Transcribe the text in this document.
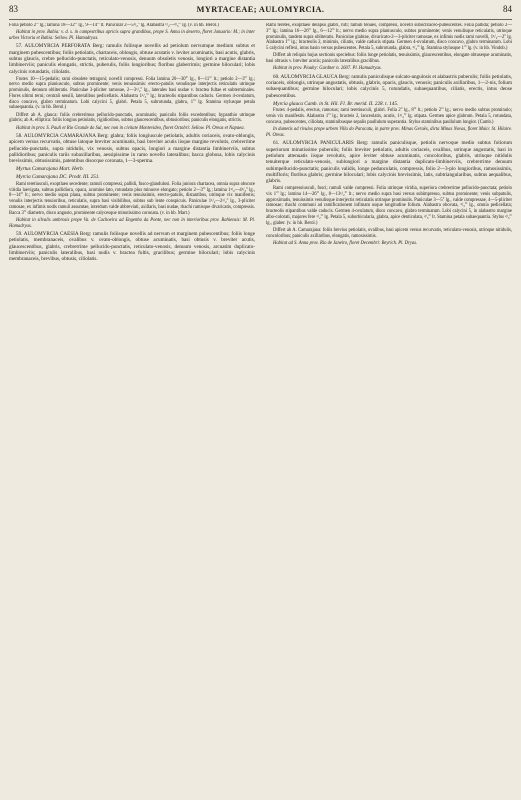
83	MYRTACEAE; AULOMYRCIA.	84

Folia petiolo 2''' lg.; lamina 18—32''' lg., 9—14''' lt. Panicular 2—5¹/₂'' lg. Alabastra ¹/₂—²/₃''' lg. (v. in hb. Berol.)

Habitat in prov. Bahia: v. d. s. in campestribus apricis supra grandibus, prope S. Anna in deserto, floret Januario: M.; in inter urbes Victoria et Bahia: Sellow. Pl. Hamadryas.

57. AULOMYRCIA PERFORATA Berg: ramulis foliisque novellis ad petiolum nervumque medium subtus et marginem pubescentibus; foliis petiolatis, chartaceis, oblongis, obtuse acutatis v. leviter acuminatis, basi acutis, glabris, subtus glaucis, crebre pellucido-punctatis, reticulato-venosis, denuum obsoletis venosis, longiori a margine distantia limbinerviis; paniculis elongatis, strictis, puberulis, foliis longioribus; floribus glaberrimis; germine biloculari; lobis calycinis rotundatis, ciliolatis.

Frutex 10—15-pedalis; rami obsolete tetragoni; novelli compressi. Folia lamina 20—30''' lg., 8—11''' lt.; petiolo 2—3''' lg.; nervo medio supra planiusculo, subtus prominente; venis tenuissimis: erecto-patulis venulisque interjectis reticulatis utrinque prominulis, dennum obliteratis. Paniculae 3-pliciter ramosae, 2—3¹/₂'' lg., laterales basi nudae v. bractea fultae et subterminales. Flores ultimi terni; centrali sessili, lateralibus pedicellatis. Alabastra 1¹/₂''' lg.; bracteolis stipantibus caducis. Germen 4-ovulatum, disco concavo, glabro terminatum. Lobi calycini 5, glabri. Petala 5, subrotunda, glabra, 1''' lg. Stamina stylusque petala subaequantia. (v. in hb. Berol.)

Differt ab A. glauca: foliis crebrerimus pellucido-punctatis, acuminatis; paniculis foliis excedentibus; hypanthio utrinque glabris; ab A. elliptica: foliis longius petiolatis, rigidioribus, subtus glaucescentibus, obtusioribus; paniculis elongatis, strictis.

Habitat in prov. S. Pauli et Rio Grande do Sul, nec non in civitate Montevideo, floret Octobri: Sellow. Pl. Oreas et Napaea.

58. AULOMYRCIA CAMARAJANA Berg: glabra; foliis longiuscule petiolatis, adultis coriaceis, ovato-oblongis, apicem versus recurvatis, obtuse latoque breviter acuminatis, basi breviter acutis iisque margine revolutis, crebrerrime pellucido-punctatis, supra nitidulis, vix venosis, subtus opacis, longiori a margine distantia limbinerviis, subtus pallidioribus; paniculis rariis subaxillaribus, aessipissime in ramo novello lateralibus; bacca globosa, lobis calycinis brevissimis, obtusissimis, patentibus disocque coronata, 1—3-sperma.

Myrtus Camarajana Mart. Herb.

Myrcia Camarajana DC. Prodr. III. 251.

Rami teretiusculi, exoptlaeo secedente; ramuli compressi, pallidi, fusco-glandulosi. Folia juniora chartacea, omnia supra obscure viridia laevigata, subtus pallidiora, opaca, acumine lato, rotundato plus minusve elongato; petiolo 2—3''' lg.; lamina 1¹/₂—4¹/₃'' lg., 8—14''' lt.; nervo medio supra plana, subtus prominente; venis tenuissimis, erecto-patulis, distantibus, utrinque vix manifestis; venulis interjectis tenuioribus, reticulatis, supra basi visibilibus, subtus sub lente conspicuis. Paniculae 1¹/₂—2¹/₂'' lg., 3-pliciter ramosae, ex infimis nodis ramuli assumtae, interdum valde abbreviati, axillaris, basi nudae, rhachi ramisque divaricatis, compressis. Bacca 3''' diametro, disco angusto, prominente calycesque minutissimo coronata. (v. in hb. Mart.)

Habitat in silvulis umbrosis prope Va. de Cachoeira ad Engenho da Ponte, nec non in interioribus prov. Bahiensis: M. Pl. Hamadryas.

59. AULOMYRCIA CAESIA Berg: ramulis foliisque novellis ad nervum et marginem pubescentibus; foliis longe petiolatis, membranaceis, ovalibus v. ovato-oblongis, obtuse acuminatis, basi obtusis v. breviter acutis, glaucescentibus, glabris, crebrerrime pellucido-punctatis, reticulato-venosis, denuum venosis, arcuatim duplicato-limbinerviis; paniculis lateralibus, basi nudis v. bractea fultis, gracilibus; germine biloculari; lobis calycinis membranaceis, brevibus, obtusis, ciliolatis.

Rami teretes, exoptlaeo delapso glabri, rufi; ramuli tenues, compressi, novelli subochraceo-pubescentes. Folia pallida; petiolo 2—3''' lg.; lamina 16—26''' lg., 6—12''' lt.; nervo medio supra planiusculo, subtus prominente; venis venulisque reticulatis, utrinque prominulis, tandem supra obliteratis. Paniculae glabrae, divaricato-2—3-pliciter ramosae, ex infimis nodis rami novelli, 1¹/₂—2'' lg. Alabastra 1''' lg.; bracteolis 2, minimis, ciliatis, valde caducis stipata. Germen 4-ovulatum, disco concavo, glabro terminatum. Lobi 5 calycini reflexi, intus basin versus pubescentes. Petala 5, subrotunda, glabra, ²/₃''' lg. Stamina stylusque 1''' lg. (v. in hb. Vindob.)

Differt ab reliquis hujus sectionis speciebus: foliis longe petiolatis, tenuissimis, glaucescentibus, elongate obtuseque acuminatis, basi obtusis v. breviter acutis; paniculis lateralibus gracilibus.

Habitat in prov. Piauhy: Gardner n. 2607. Pl. Hamadryas.

60. AULOMYRCIA GLAUCA Berg: ramulis paniculisque sulcato-angulosis et alabastris puberulis; foliis petiolatis, coriaceis, oblongis, utrinque angustatis, obtusis, glabris, opacis, glaucis, venosis; paniculis axillaribus, 1—2-nis, folium subaequantibus; germine biloculari; lobis calycinis 5, rotundatis, subaequantibus, ciliatis, erectis, intus dense pubescentibus.

Myrcia glauca Camb. in St. Hil. Fl. Br. merid. II. 228. t. 145.

Frutex 4-pedalis, erectus, ramosus; rami teretiusculi, glabri. Folia 2'' lg., 8''' lt.; petiolo 2''' lg.; nervo medio subtus prominulo; venis vix manifestis. Alabastra 1''' lg.; bracteis 2, lanceolatis, acutis, 1¹/₂''' lg. stipata. Germen apice glabrum. Petala 5, rotundata, concava, pubescentes, ciliolata, staminibusque sepalis paullulum superantia. Stylus staminibus paullulum longior. (Camb.)

In dumetis ad rivulos prope urbem Villa do Paracatu, in parte prov. Minas Geraës, dicta Minas Novas, floret Maio: St. Hilaire. Pl. Oreas.

61. AULOMYRCIA PANICULARIS Berg: ramulis paniculisque, petiolis nervoque medio subtus foliorum superiorum minutissime puberulis; foliis breviter petiolatis, adultis coriaceis, ovalibus, utrinque angustatis, basi in petiolum attenuatis iisque revolutis, apice leviter obtuse acuminatis, concoloribus, glabris, utrinque nitidulis tenuiterque reticulato-venosis, sublongiori a margine distantia duplicato-limbinerviis, crebrerrime denuum subimpellucido-punctatis; paniculis validis, longe pedunculatis, compressis, folio 2—3-plo longioribus, ramosissimis, multifloris; floribus glabris; germine biloculari; lobis calycinis brevissimis, latis, subtriangularibus, subtus aequalibus, glabris.

Rami compressiusculi, fusci; ramuli valde compressi. Folia utrinque viridia, superiora crebrerrime pellucido-punctata; petiolo vix 1''' lg.; lamina 14—26''' lg., 8—13¹/₂''' lt.; nervo medio supra basi versus subimpresso, subtus prominente; venis subpatulis, approximatis, tenuissimis venulisque interjectis reticulatis utrinque prominulis. Paniculae 3—5'' lg., valde compressae, 4—5-pliciter ramosae; rhachi communi ad ramificationem infimam usque longitudine folium. Alabastra obovata, ²/₃''' lg., omnia pedicellata; bracteolis stipantibus valde caducis. Germen 4-ovulatum, disco concavo, glabro terminatum. Lobi calycini 5, in alabastro margine albo-colorati, majores fere ¹/₂''' lg. Petala 5, suborbicularia, glabra, apice denticulata, ²/₃''' lt. Stamina petala subaequantia. Stylus ²/₃''' lg., glaber. (v. in hb. Berol.)

Differt ab A. Camarajana: foliis brevius petiolatis, ovalibus, basi apicem versus recurvatis, reticulato-venosis, utrinque nitidulis, concoloribus; paniculis axillaribus, elongatis, ramosissimis.

Habitat ad S. Anna prov. Rio de Janeiro, floret Decembri: Beyrich. Pl. Dryas.
